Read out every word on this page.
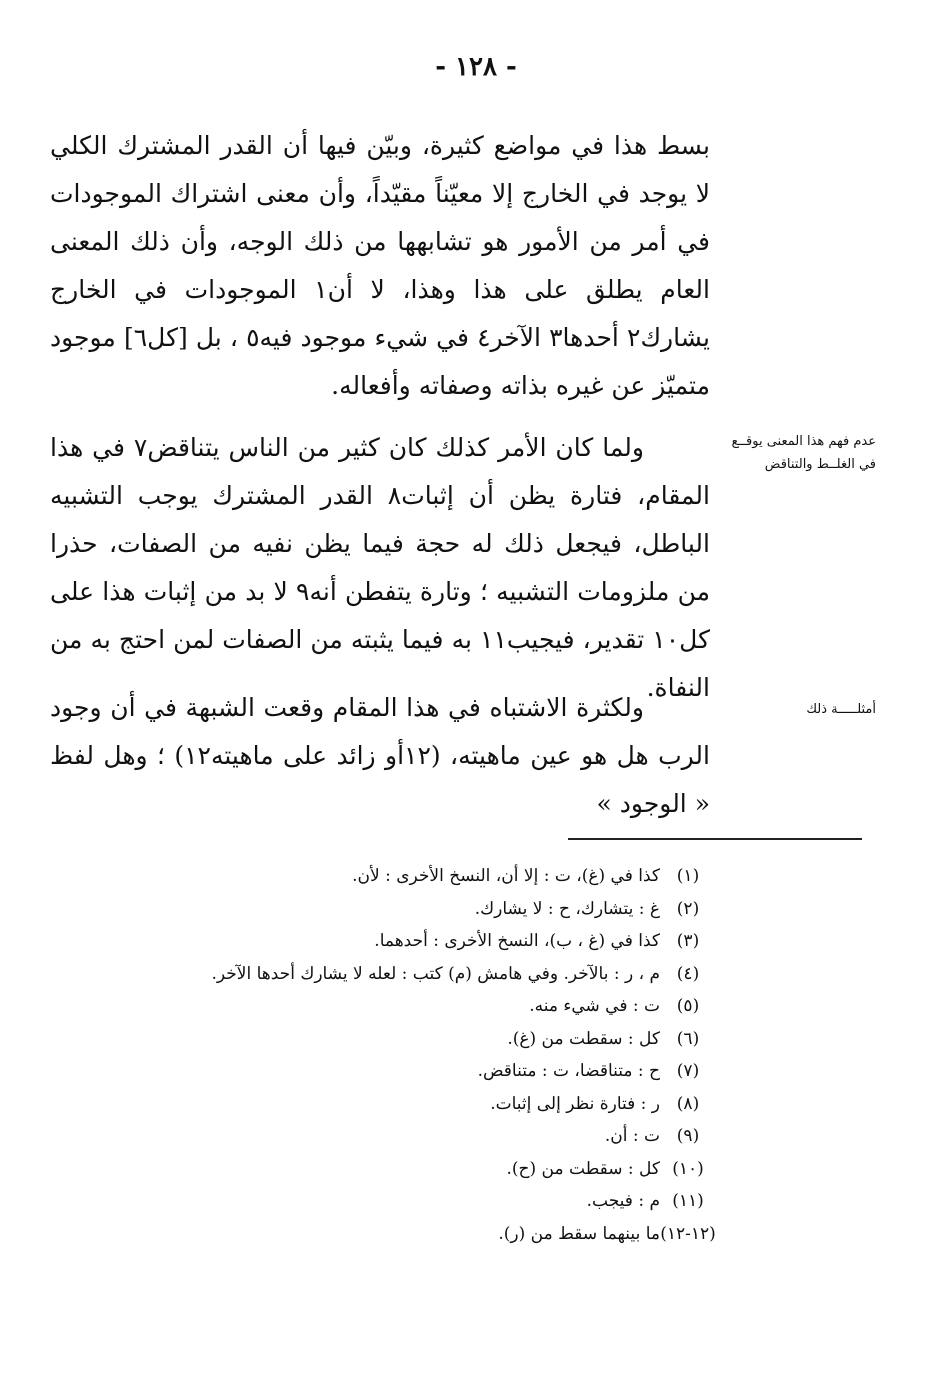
- ١٢٨ -

بسط هذا في مواضع كثيرة، وبيّن فيها أن القدر المشترك الكلي لا يوجد في الخارج إلا معيّناً مقيّداً، وأن معنى اشتراك الموجودات في أمر من الأمور هو تشابهها من ذلك الوجه، وأن ذلك المعنى العام يطلق على هذا وهذا، لا أن١ الموجودات في الخارج يشارك٢ أحدها٣ الآخر٤ في شيء موجود فيه٥ ، بل [كل٦] موجود متميّز عن غيره بذاته وصفاته وأفعاله.

ولما كان الأمر كذلك كان كثير من الناس يتناقض٧ في هذا المقام، فتارة يظن أن إثبات٨ القدر المشترك يوجب التشبيه الباطل، فيجعل ذلك له حجة فيما يظن نفيه من الصفات، حذرا من ملزومات التشبيه ؛ وتارة يتفطن أنه٩ لا بد من إثبات هذا على كل١٠ تقدير، فيجيب١١ به فيما يثبته من الصفات لمن احتج به من النفاة.

ولكثرة الاشتباه في هذا المقام وقعت الشبهة في أن وجود الرب هل هو عين ماهيته، (١٢أو زائد على ماهيته١٢) ؛ وهل لفظ « الوجود »

عدم فهم هذا المعنى يوقــع في الغلــط والتناقض
أمثلـــــة ذلك
(١)
كذا في (غ)، ت : إلا أن، النسخ الأخرى : لأن.
(٢)
غ : يتشارك، ح : لا يشارك.
(٣)
كذا في (غ ، ب)، النسخ الأخرى : أحدهما.
(٤)
م ، ر : بالآخر. وفي هامش (م) كتب : لعله لا يشارك أحدها الآخر.
(٥)
ت : في شيء منه.
(٦)
كل : سقطت من (غ).
(٧)
ح : متناقضا، ت : متناقض.
(٨)
ر : فتارة نظر إلى إثبات.
(٩)
ت : أن.
(١٠)
كل : سقطت من (ح).
(١١)
م : فيجب.
(١٢-١٢)
ما بينهما سقط من (ر).
